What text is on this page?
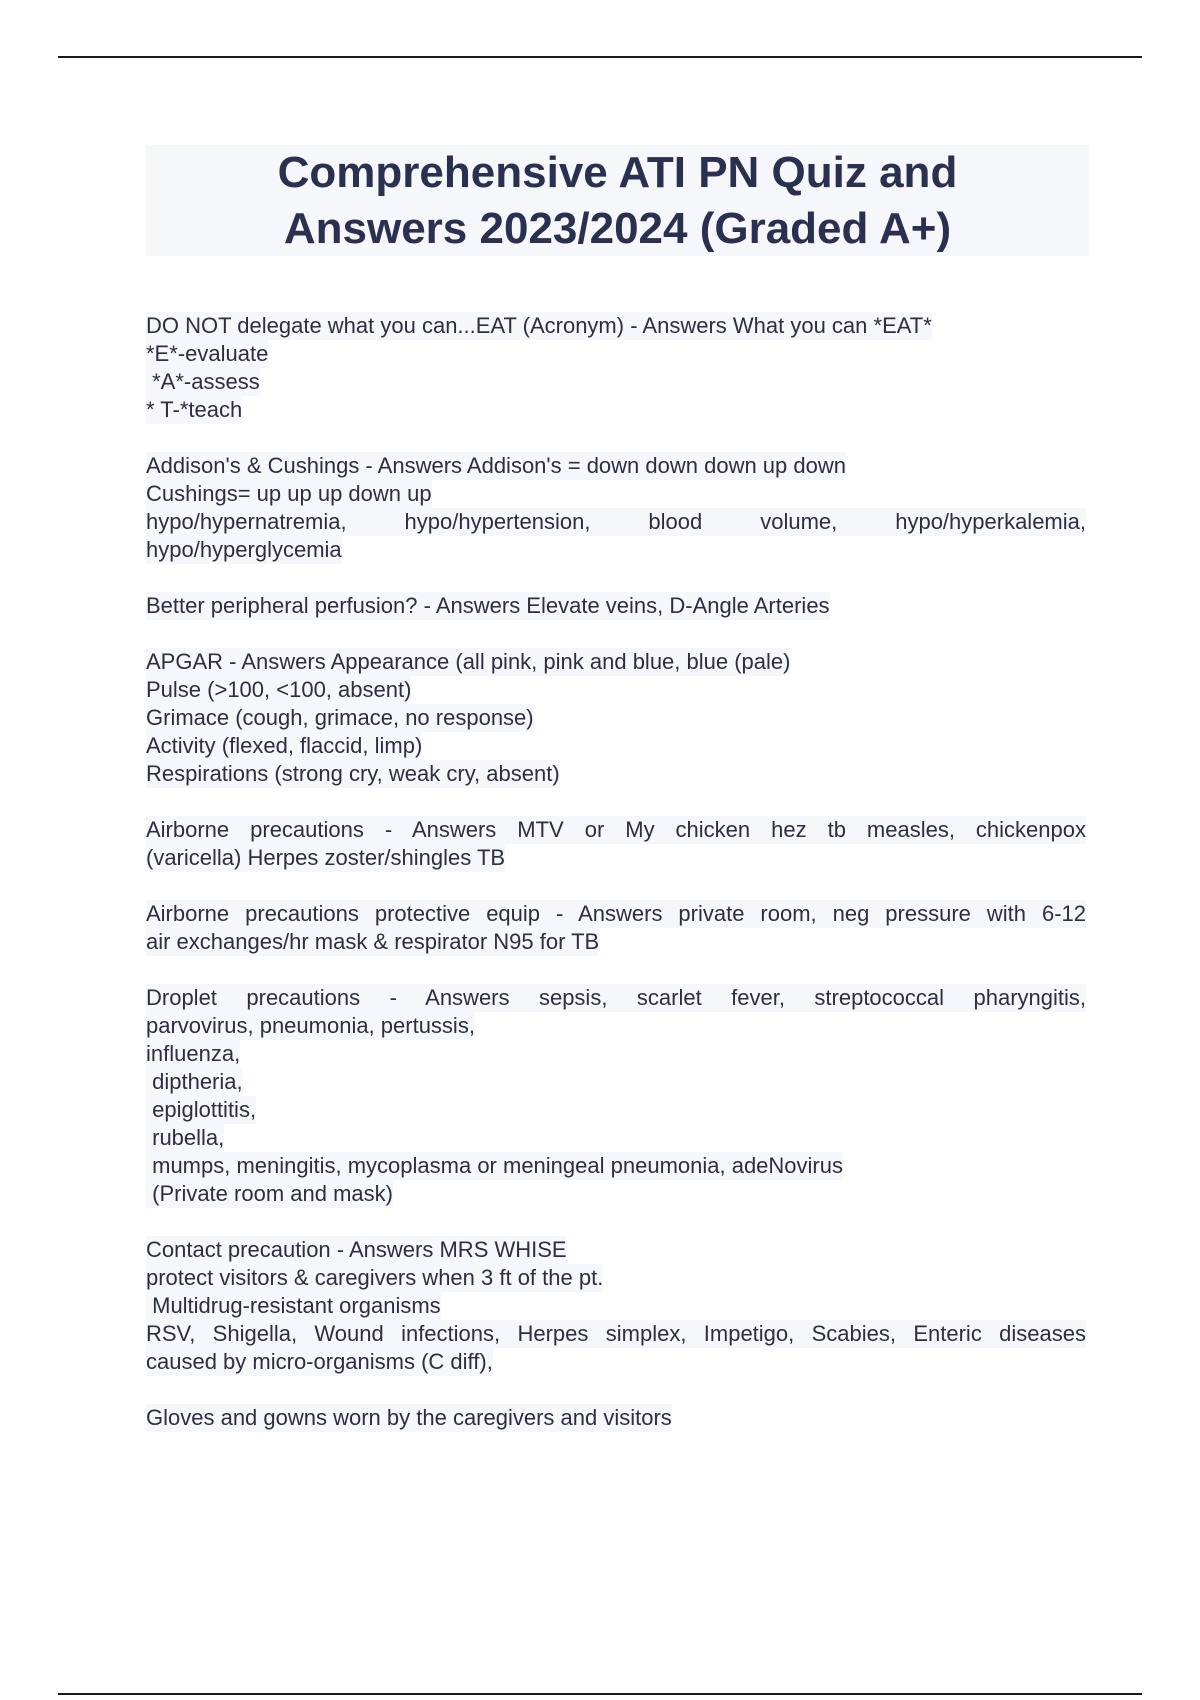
Comprehensive ATI PN Quiz and
Answers 2023/2024 (Graded A+)
DO NOT delegate what you can...EAT (Acronym) - Answers What you can *EAT*
*E*-evaluate
*A*-assess
* T-*teach
Addison's & Cushings - Answers Addison's = down down down up down
Cushings= up up up down up
hypo/hypernatremia, hypo/hypertension, blood volume, hypo/hyperkalemia,
hypo/hyperglycemia
Better peripheral perfusion? - Answers Elevate veins, D-Angle Arteries
APGAR - Answers Appearance (all pink, pink and blue, blue (pale)
Pulse (>100, <100, absent)
Grimace (cough, grimace, no response)
Activity (flexed, flaccid, limp)
Respirations (strong cry, weak cry, absent)
Airborne precautions - Answers MTV or My chicken hez tb measles, chickenpox
(varicella) Herpes zoster/shingles TB
Airborne precautions protective equip - Answers private room, neg pressure with 6-12
air exchanges/hr mask & respirator N95 for TB
Droplet precautions - Answers sepsis, scarlet fever, streptococcal pharyngitis,
parvovirus, pneumonia, pertussis,
influenza,
diptheria,
epiglottitis,
rubella,
mumps, meningitis, mycoplasma or meningeal pneumonia, adeNovirus
(Private room and mask)
Contact precaution - Answers MRS WHISE
protect visitors & caregivers when 3 ft of the pt.
Multidrug-resistant organisms
RSV, Shigella, Wound infections, Herpes simplex, Impetigo, Scabies, Enteric diseases
caused by micro-organisms (C diff),
Gloves and gowns worn by the caregivers and visitors
